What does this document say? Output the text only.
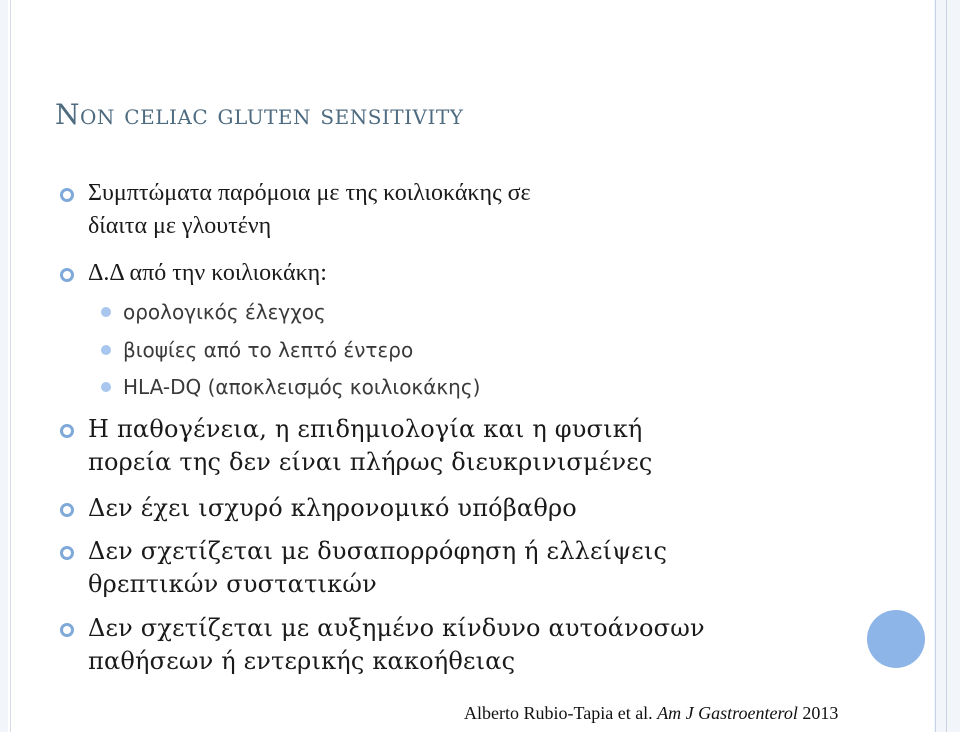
Non celiac gluten sensitivity
Συμπτώματα παρόμοια με της κοιλιοκάκης σε
δίαιτα με γλουτένη
Δ.Δ από την κοιλιοκάκη:
ορολογικός έλεγχος
βιοψίες από το λεπτό έντερο
HLA-DQ (αποκλεισμός κοιλιοκάκης)
Η παθογένεια, η επιδημιολογία και η φυσική
πορεία της δεν είναι πλήρως διευκρινισμένες
Δεν έχει ισχυρό κληρονομικό υπόβαθρο
Δεν σχετίζεται με δυσαπορρόφηση ή ελλείψεις
θρεπτικών συστατικών
Δεν σχετίζεται με αυξημένο κίνδυνο αυτοάνοσων
παθήσεων ή εντερικής κακοήθειας
Alberto Rubio-Tapia et al. Am J Gastroenterol 2013
